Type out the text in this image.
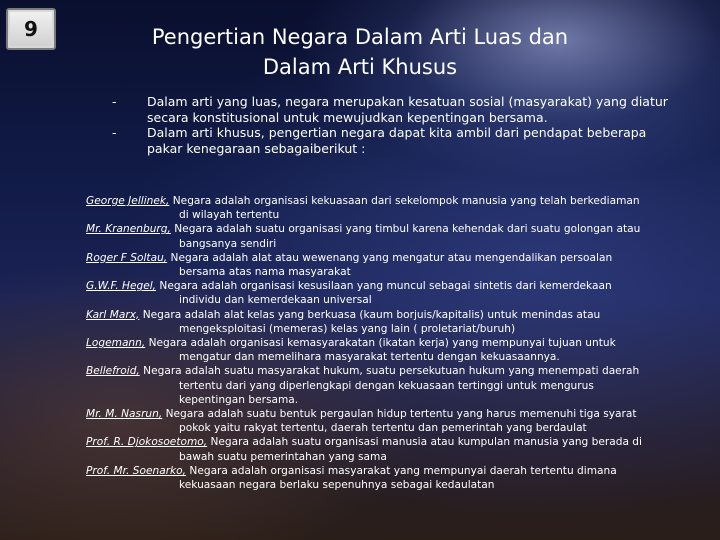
9	Pengertian Negara Dalam Arti Luas dan Dalam Arti Khusus
- Dalam arti yang luas, negara merupakan kesatuan sosial (masyarakat) yang diatur secara konstitusional untuk mewujudkan kepentingan bersama.
- Dalam arti khusus, pengertian negara dapat kita ambil dari pendapat beberapa pakar kenegaraan sebagaiberikut :
George Jellinek, Negara adalah organisasi kekuasaan dari sekelompok manusia yang telah berkediaman di wilayah tertentu
Mr. Kranenburg, Negara adalah suatu organisasi yang timbul karena kehendak dari suatu golongan atau bangsanya sendiri
Roger F Soltau, Negara adalah alat atau wewenang yang mengatur atau mengendalikan persoalan bersama atas nama masyarakat
G.W.F. Hegel, Negara adalah organisasi kesusilaan yang muncul sebagai sintetis dari kemerdekaan individu dan kemerdekaan universal
Karl Marx, Negara adalah alat kelas yang berkuasa (kaum borjuis/kapitalis) untuk menindas atau mengeksploitasi (memeras) kelas yang lain ( proletariat/buruh)
Logemann, Negara adalah organisasi kemasyarakatan (ikatan kerja) yang mempunyai tujuan untuk mengatur dan memelihara masyarakat tertentu dengan kekuasaannya.
Bellefroid, Negara adalah suatu masyarakat hukum, suatu persekutuan hukum yang menempati daerah tertentu dari yang diperlengkapi dengan kekuasaan tertinggi untuk mengurus kepentingan bersama.
Mr. M. Nasrun, Negara adalah suatu bentuk pergaulan hidup tertentu yang harus memenuhi tiga syarat pokok yaitu rakyat tertentu, daerah tertentu dan pemerintah yang berdaulat
Prof. R. Djokosoetomo, Negara adalah suatu organisasi manusia atau kumpulan manusia yang berada di bawah suatu pemerintahan yang sama
Prof. Mr. Soenarko, Negara adalah organisasi masyarakat yang mempunyai daerah tertentu dimana kekuasaan negara berlaku sepenuhnya sebagai kedaulatan
